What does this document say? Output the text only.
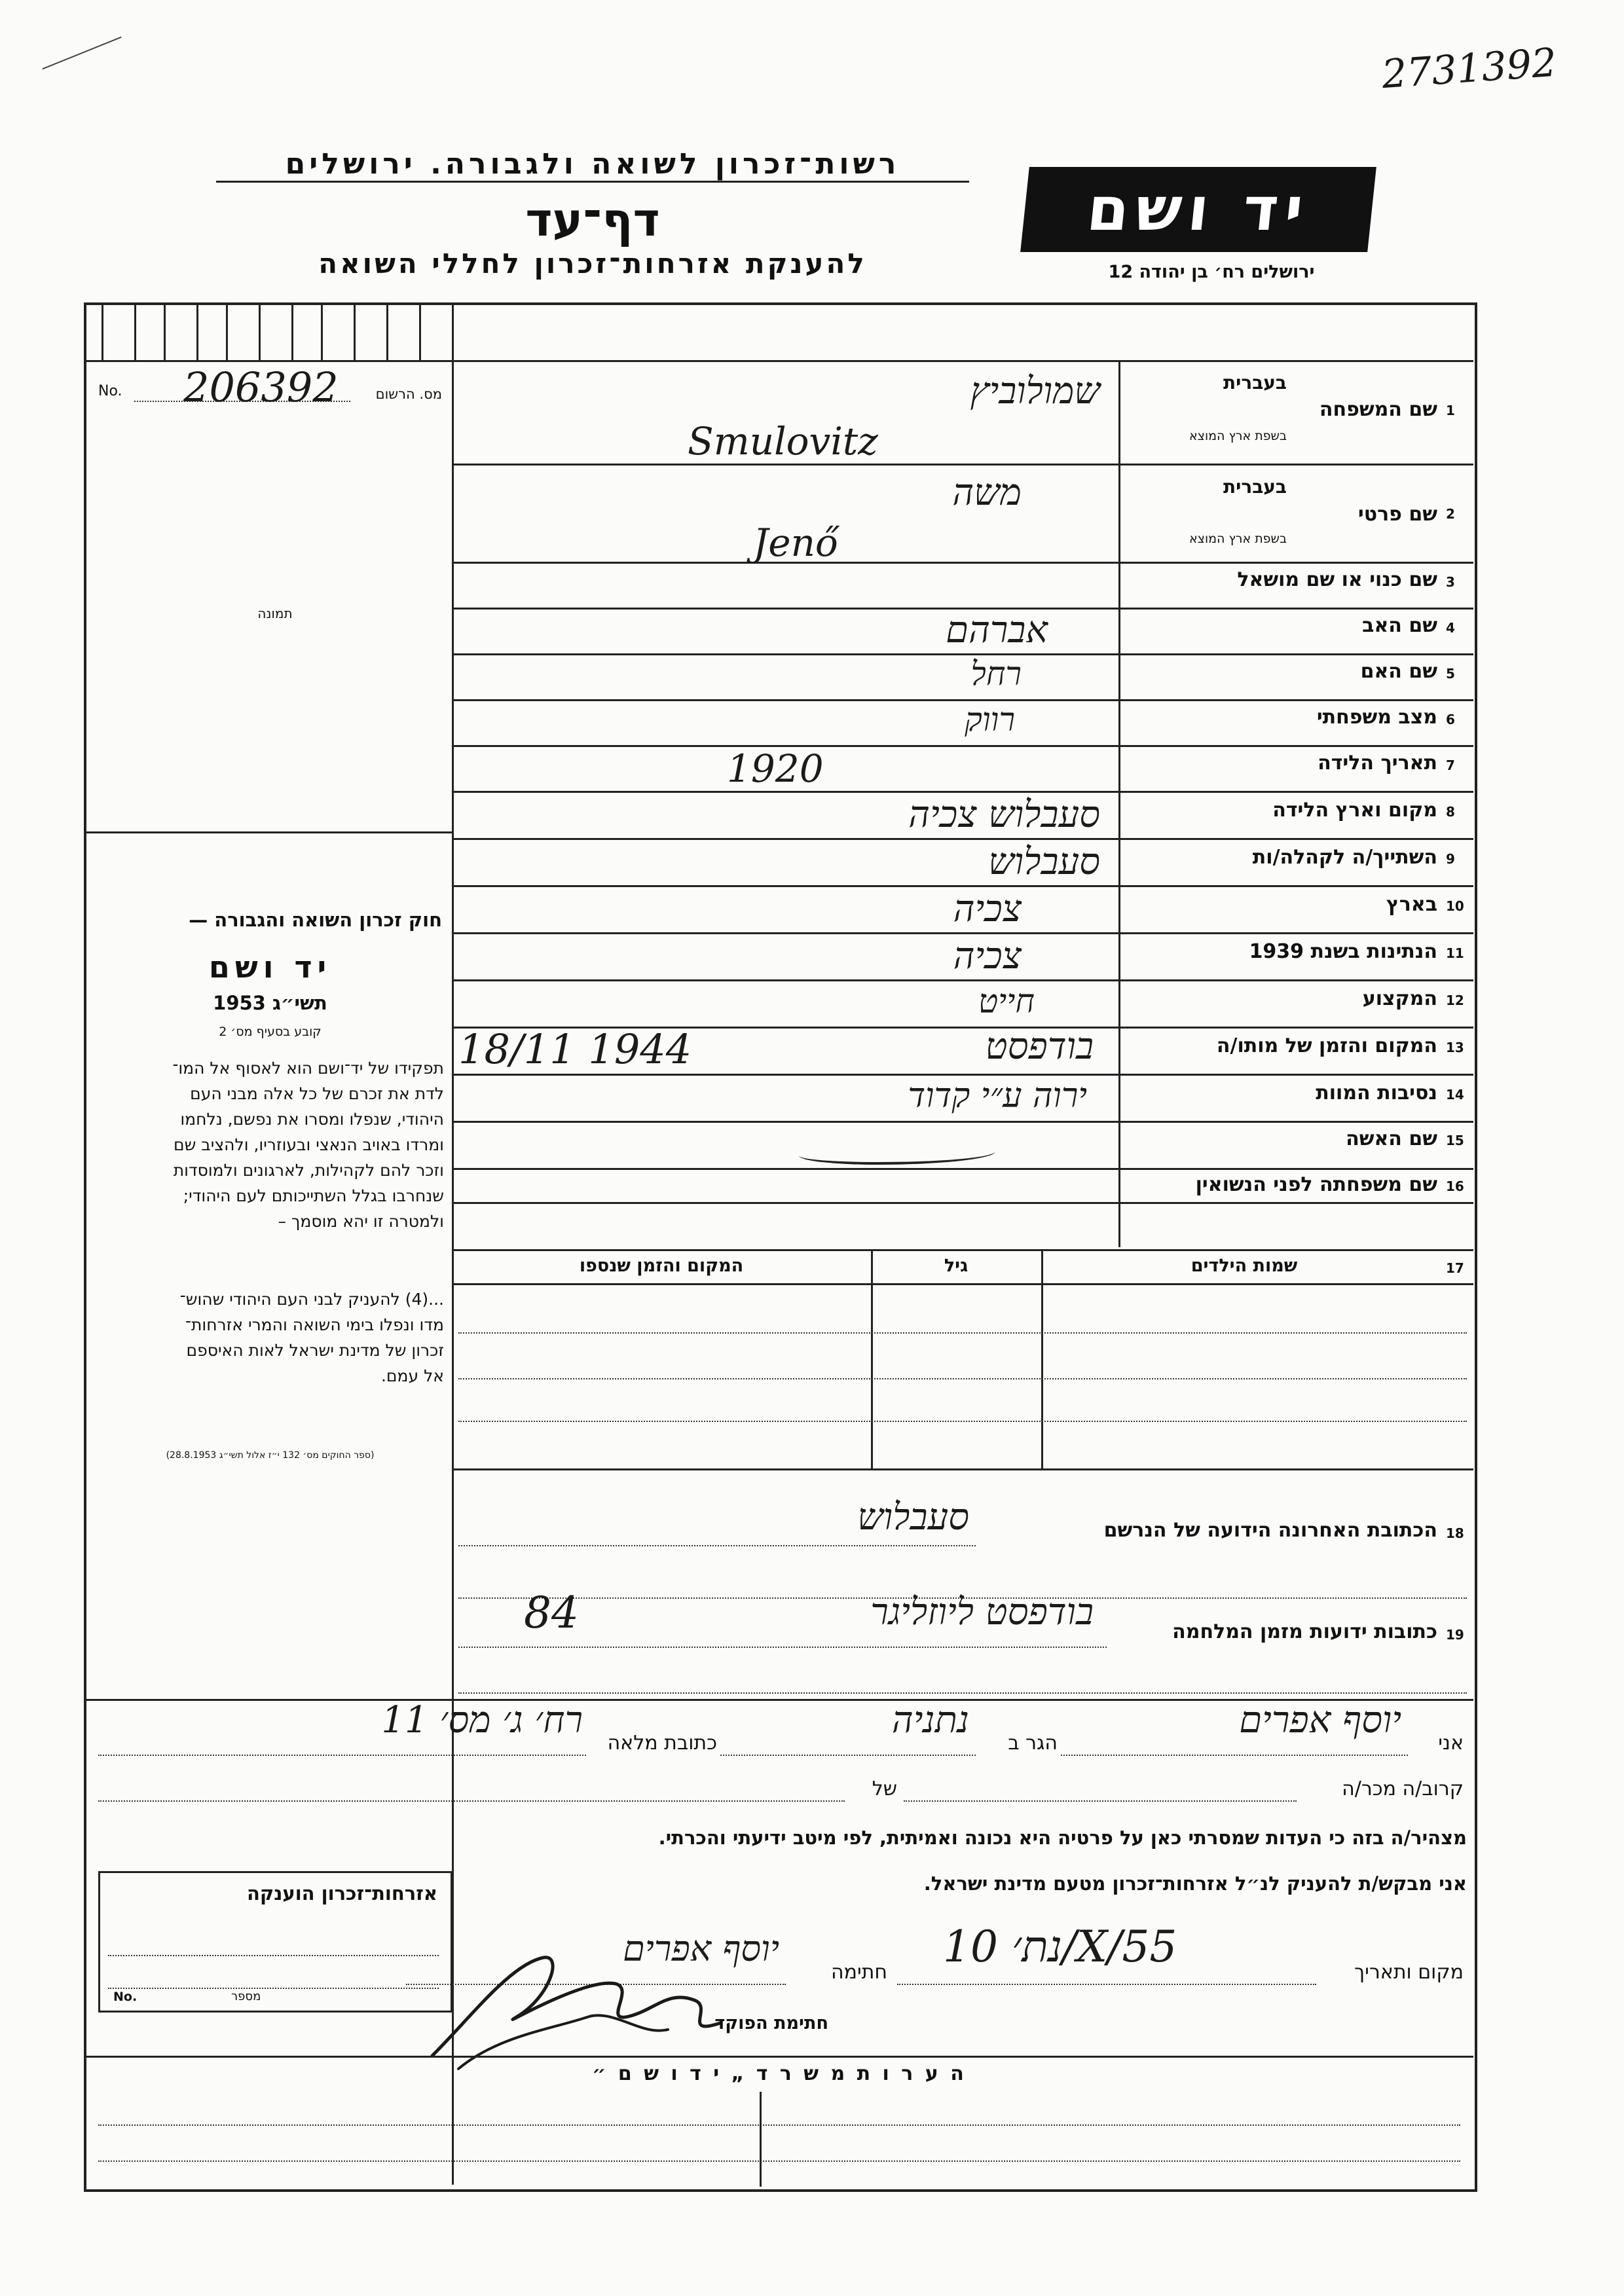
2731392
רשות־זכרון לשואה ולגבורה. ירושלים
דף־עד
להענקת אזרחות־זכרון לחללי השואה
יד ושם
ירושלים רח׳ בן יהודה 12
No. 206392	מס. הרשום
תמונה
חוק זכרון השואה והגבורה —
יד ושם
תשי״ג 1953
קובע בסעיף מס׳ 2
תפקידו של יד־ושם הוא לאסוף אל המו־
לדת את זכרם של כל אלה מבני העם
היהודי, שנפלו ומסרו את נפשם, נלחמו
ומרדו באויב הנאצי ובעוזריו, ולהציב שם
וזכר להם לקהילות, לארגונים ולמוסדות
שנחרבו בגלל השתייכותם לעם היהודי;
ולמטרה זו יהא מוסמך –
...(4) להעניק לבני העם היהודי שהוש־
מדו ונפלו בימי השואה והמרי אזרחות־
זכרון של מדינת ישראל לאות האיספם
אל עמם.
(ספר החוקים מס׳ 132 י״ז אלול תשי״ג 28.8.1953)
1
שם המשפחה
בעברית
בשפת ארץ המוצא
שמולוביץ
Smulovitz
2
שם פרטי
בעברית
בשפת ארץ המוצא
משה
Jenő
3
שם כנוי או שם מושאל
4
שם האב
אברהם
5
שם האם
רחל
6
מצב משפחתי
רווק
7
תאריך הלידה
1920
8
מקום וארץ הלידה
סעבלוש צכיה
9
השתייך/ה לקהלה/ות
סעבלוש
10
בארץ
צכיה
11
הנתינות בשנת 1939
צכיה
12
המקצוע
חייט
13
המקום והזמן של מותו/ה
בודפסט
18/11 1944
14
נסיבות המוות
ירוה ע״י קדוד
15
שם האשה
16
שם משפחתה לפני הנשואין
17
שמות הילדים
גיל
המקום והזמן שנספו
18
הכתובת האחרונה הידועה של הנרשם
סעבלוש
19
כתובות ידועות מזמן המלחמה
בודפסט ליוזליגר
84
אני
יוסף אפרים
הגר ב
נתניה
כתובת מלאה
רח׳ ג׳ מס׳ 11
קרוב/ה מכר/ה
של
מצהיר/ה בזה כי העדות שמסרתי כאן על פרטיה היא נכונה ואמיתית, לפי מיטב ידיעתי והכרתי.
אני מבקש/ת להעניק לנ״ל אזרחות־זכרון מטעם מדינת ישראל.
אזרחות־זכרון הוענקה
No.	מספר
מקום ותאריך
נת׳ 10/X/55
חתימה
יוסף אפרים
חתימת הפוקד
ה ע ר ו ת מ ש ר ד „ י ד ו ש ם ״
